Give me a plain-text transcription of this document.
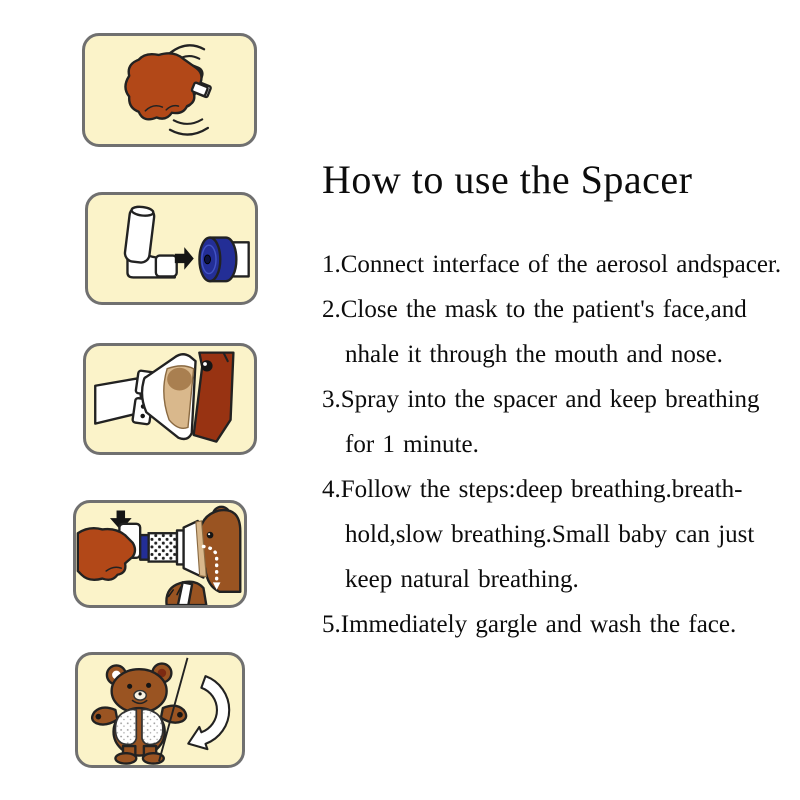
How to use the Spacer
1.Connect interface of the aerosol andspacer.
2.Close the mask to the patient's face,and
nhale it through the mouth and nose.
3.Spray into the spacer and keep breathing
for 1 minute.
4.Follow the steps:deep breathing.breath-
hold,slow breathing.Small baby can just
keep natural breathing.
5.Immediately gargle and wash the face.
